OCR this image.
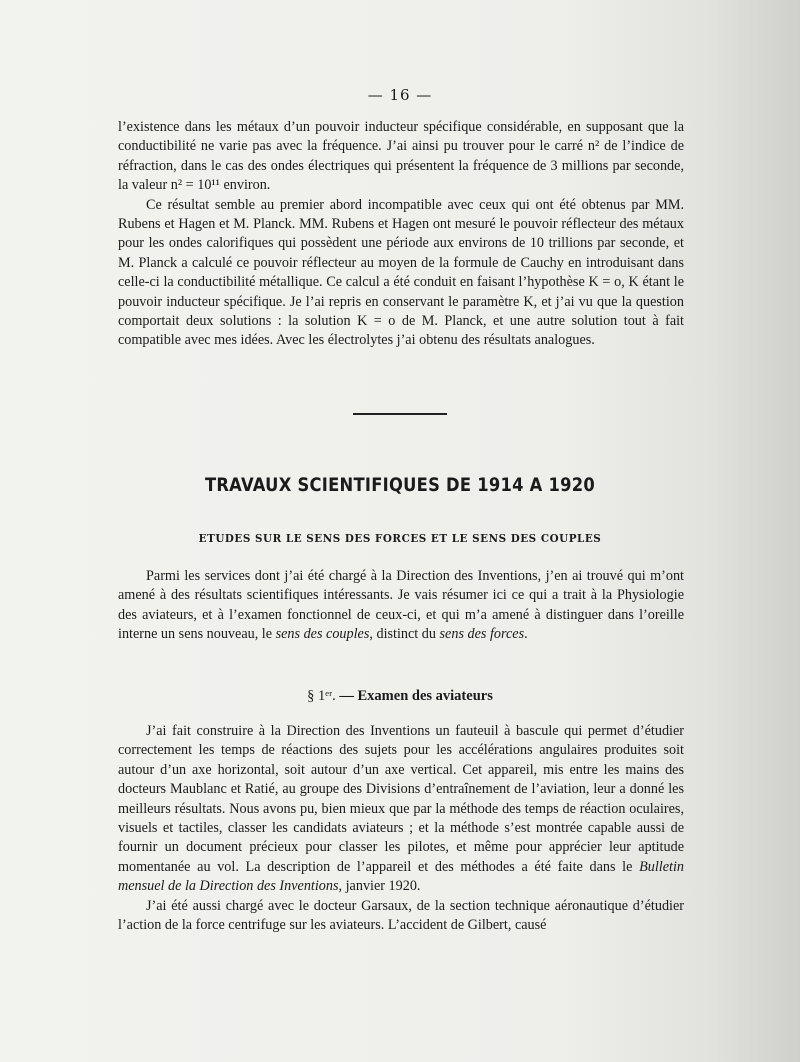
— 16 —

l’existence dans les métaux d’un pouvoir inducteur spécifique considérable, en supposant que la conductibilité ne varie pas avec la fréquence. J’ai ainsi pu trouver pour le carré n² de l’indice de réfraction, dans le cas des ondes électriques qui présentent la fréquence de 3 millions par seconde, la valeur n² = 10¹¹ environ.

Ce résultat semble au premier abord incompatible avec ceux qui ont été obtenus par MM. Rubens et Hagen et M. Planck. MM. Rubens et Hagen ont mesuré le pouvoir réflecteur des métaux pour les ondes calorifiques qui possèdent une période aux environs de 10 trillions par seconde, et M. Planck a calculé ce pouvoir réflecteur au moyen de la formule de Cauchy en introduisant dans celle-ci la conductibilité métallique. Ce calcul a été conduit en faisant l’hypothèse K = o, K étant le pouvoir inducteur spécifique. Je l’ai repris en conservant le paramètre K, et j’ai vu que la question comportait deux solutions : la solution K = o de M. Planck, et une autre solution tout à fait compatible avec mes idées. Avec les électrolytes j’ai obtenu des résultats analogues.

TRAVAUX SCIENTIFIQUES DE 1914 A 1920
ETUDES SUR LE SENS DES FORCES ET LE SENS DES COUPLES

Parmi les services dont j’ai été chargé à la Direction des Inventions, j’en ai trouvé qui m’ont amené à des résultats scientifiques intéressants. Je vais résumer ici ce qui a trait à la Physiologie des aviateurs, et à l’examen fonctionnel de ceux-ci, et qui m’a amené à distinguer dans l’oreille interne un sens nouveau, le sens des couples, distinct du sens des forces.

§ 1ᵉʳ. — Examen des aviateurs

J’ai fait construire à la Direction des Inventions un fauteuil à bascule qui permet d’étudier correctement les temps de réactions des sujets pour les accélérations angulaires produites soit autour d’un axe horizontal, soit autour d’un axe vertical. Cet appareil, mis entre les mains des docteurs Maublanc et Ratié, au groupe des Divisions d’entraînement de l’aviation, leur a donné les meilleurs résultats. Nous avons pu, bien mieux que par la méthode des temps de réaction oculaires, visuels et tactiles, classer les candidats aviateurs ; et la méthode s’est montrée capable aussi de fournir un document précieux pour classer les pilotes, et même pour apprécier leur aptitude momentanée au vol. La description de l’appareil et des méthodes a été faite dans le Bulletin mensuel de la Direction des Inventions, janvier 1920.

J’ai été aussi chargé avec le docteur Garsaux, de la section technique aéronautique d’étudier l’action de la force centrifuge sur les aviateurs. L’accident de Gilbert, causé
